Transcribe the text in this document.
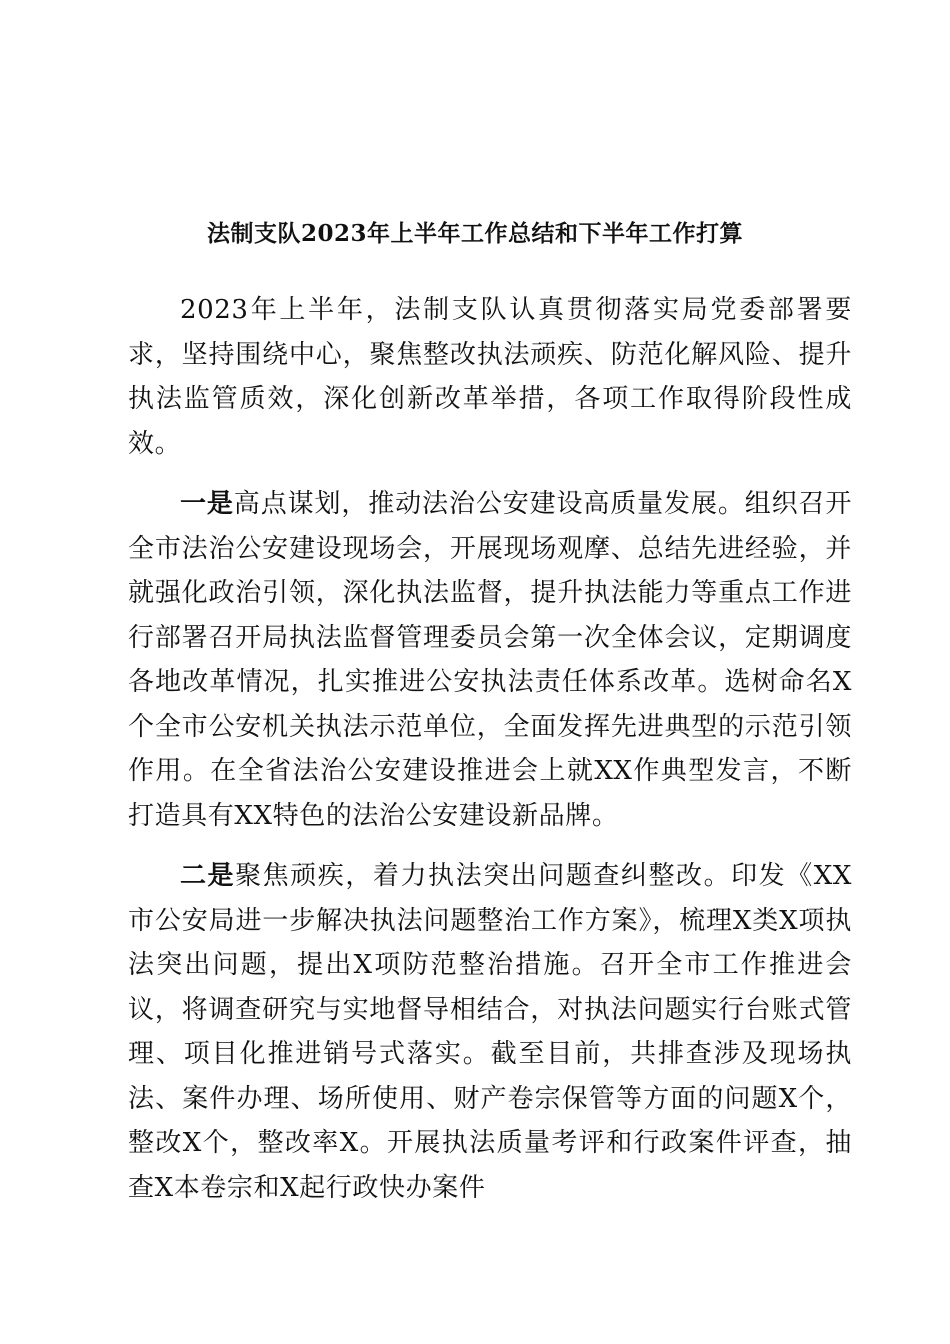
法制支队2023年上半年工作总结和下半年工作打算

2023年上半年，法制支队认真贯彻落实局党委部署要求，坚持围绕中心，聚焦整改执法顽疾、防范化解风险、提升执法监管质效，深化创新改革举措，各项工作取得阶段性成效。

一是高点谋划，推动法治公安建设高质量发展。组织召开全市法治公安建设现场会，开展现场观摩、总结先进经验，并就强化政治引领，深化执法监督，提升执法能力等重点工作进行部署召开局执法监督管理委员会第一次全体会议，定期调度各地改革情况，扎实推进公安执法责任体系改革。选树命名X个全市公安机关执法示范单位，全面发挥先进典型的示范引领作用。在全省法治公安建设推进会上就XX作典型发言，不断打造具有XX特色的法治公安建设新品牌。

二是聚焦顽疾，着力执法突出问题查纠整改。印发《XX市公安局进一步解决执法问题整治工作方案》，梳理X类X项执法突出问题，提出X项防范整治措施。召开全市工作推进会议，将调查研究与实地督导相结合，对执法问题实行台账式管理、项目化推进销号式落实。截至目前，共排查涉及现场执法、案件办理、场所使用、财产卷宗保管等方面的问题X个，整改X个，整改率X。开展执法质量考评和行政案件评查，抽查X本卷宗和X起行政快办案件
